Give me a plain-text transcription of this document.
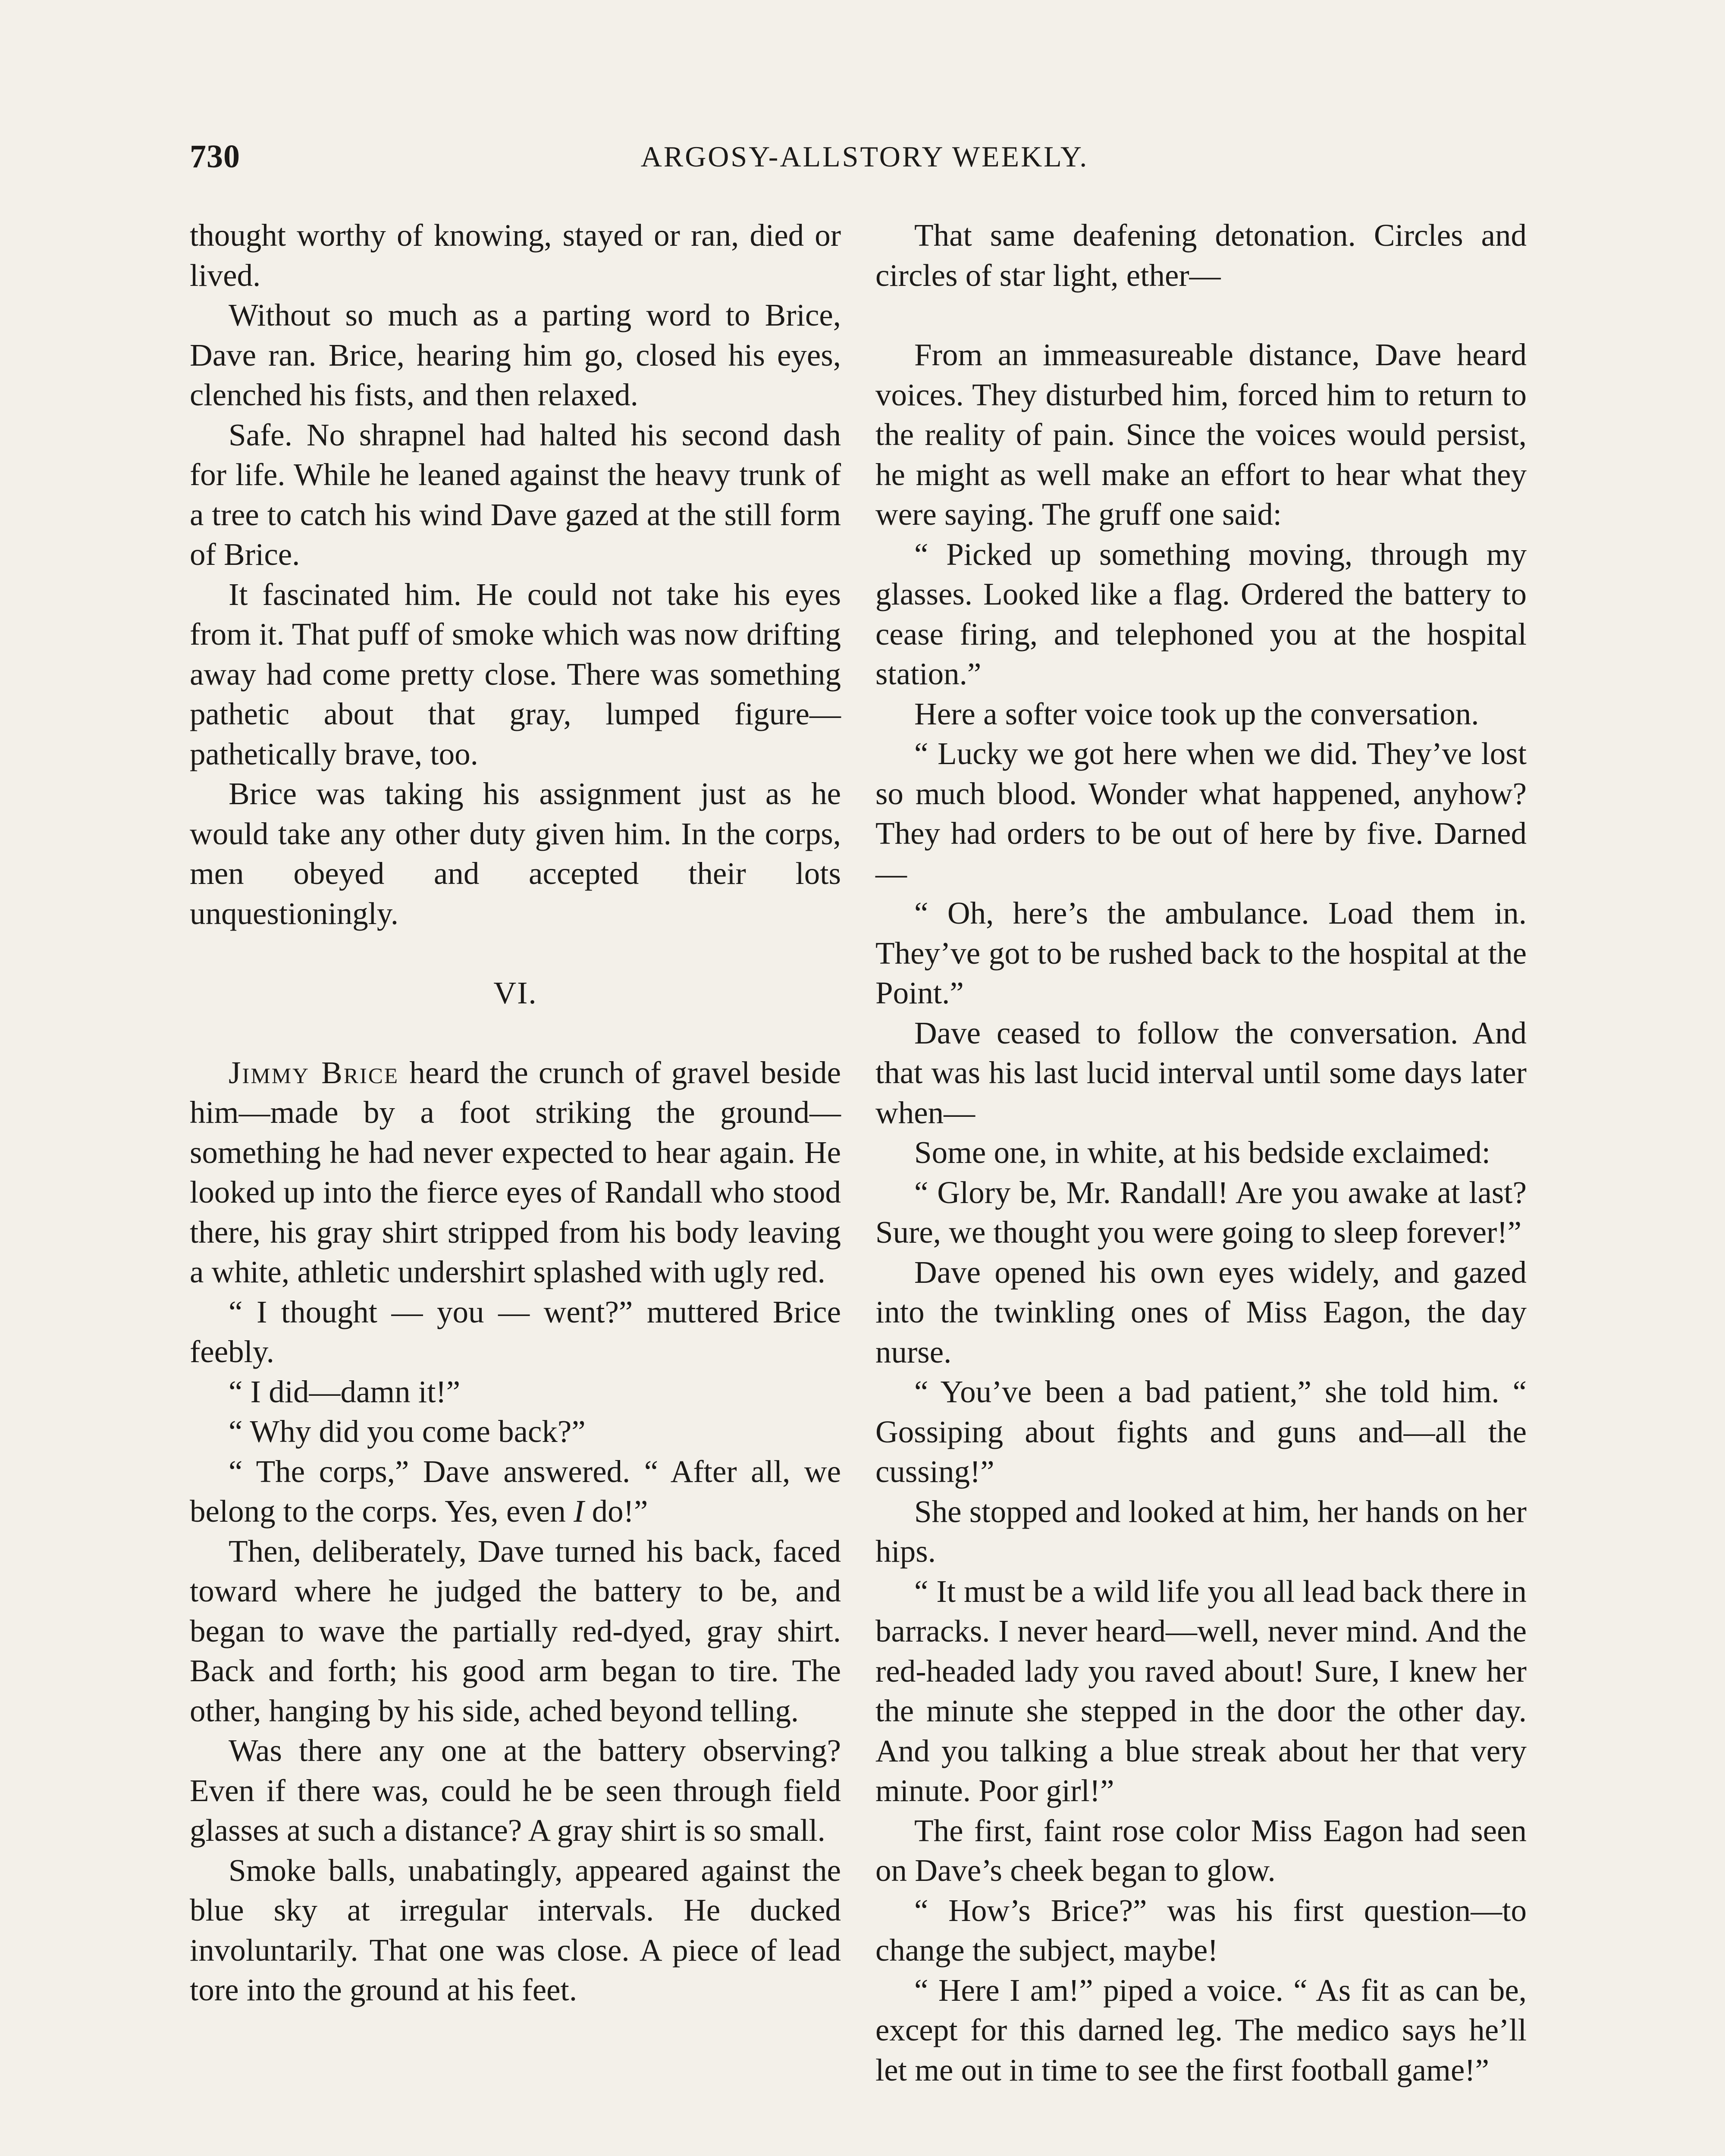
730	ARGOSY-ALLSTORY WEEKLY.

thought worthy of knowing, stayed or ran, died or lived.

Without so much as a parting word to Brice, Dave ran. Brice, hearing him go, closed his eyes, clenched his fists, and then relaxed.

Safe. No shrapnel had halted his second dash for life. While he leaned against the heavy trunk of a tree to catch his wind Dave gazed at the still form of Brice.

It fascinated him. He could not take his eyes from it. That puff of smoke which was now drifting away had come pretty close. There was something pathetic about that gray, lumped figure—pathetically brave, too.

Brice was taking his assignment just as he would take any other duty given him. In the corps, men obeyed and accepted their lots unquestioningly.

VI.

Jimmy Brice heard the crunch of gravel beside him—made by a foot striking the ground—something he had never expected to hear again. He looked up into the fierce eyes of Randall who stood there, his gray shirt stripped from his body leaving a white, athletic undershirt splashed with ugly red.

“ I thought — you — went?” muttered Brice feebly.

“ I did—damn it!”

“ Why did you come back?”

“ The corps,” Dave answered. “ After all, we belong to the corps. Yes, even I do!”

Then, deliberately, Dave turned his back, faced toward where he judged the battery to be, and began to wave the partially red-dyed, gray shirt. Back and forth; his good arm began to tire. The other, hanging by his side, ached beyond telling.

Was there any one at the battery observing? Even if there was, could he be seen through field glasses at such a distance? A gray shirt is so small.

Smoke balls, unabatingly, appeared against the blue sky at irregular intervals. He ducked involuntarily. That one was close. A piece of lead tore into the ground at his feet.

That same deafening detonation. Circles and circles of star light, ether—

From an immeasureable distance, Dave heard voices. They disturbed him, forced him to return to the reality of pain. Since the voices would persist, he might as well make an effort to hear what they were saying. The gruff one said:

“ Picked up something moving, through my glasses. Looked like a flag. Ordered the battery to cease firing, and telephoned you at the hospital station.”

Here a softer voice took up the conversation.

“ Lucky we got here when we did. They’ve lost so much blood. Wonder what happened, anyhow? They had orders to be out of here by five. Darned—

“ Oh, here’s the ambulance. Load them in. They’ve got to be rushed back to the hospital at the Point.”

Dave ceased to follow the conversation. And that was his last lucid interval until some days later when—

Some one, in white, at his bedside exclaimed:

“ Glory be, Mr. Randall! Are you awake at last? Sure, we thought you were going to sleep forever!”

Dave opened his own eyes widely, and gazed into the twinkling ones of Miss Eagon, the day nurse.

“ You’ve been a bad patient,” she told him. “ Gossiping about fights and guns and—all the cussing!”

She stopped and looked at him, her hands on her hips.

“ It must be a wild life you all lead back there in barracks. I never heard—well, never mind. And the red-headed lady you raved about! Sure, I knew her the minute she stepped in the door the other day. And you talking a blue streak about her that very minute. Poor girl!”

The first, faint rose color Miss Eagon had seen on Dave’s cheek began to glow.

“ How’s Brice?” was his first question—to change the subject, maybe!

“ Here I am!” piped a voice. “ As fit as can be, except for this darned leg. The medico says he’ll let me out in time to see the first football game!”
